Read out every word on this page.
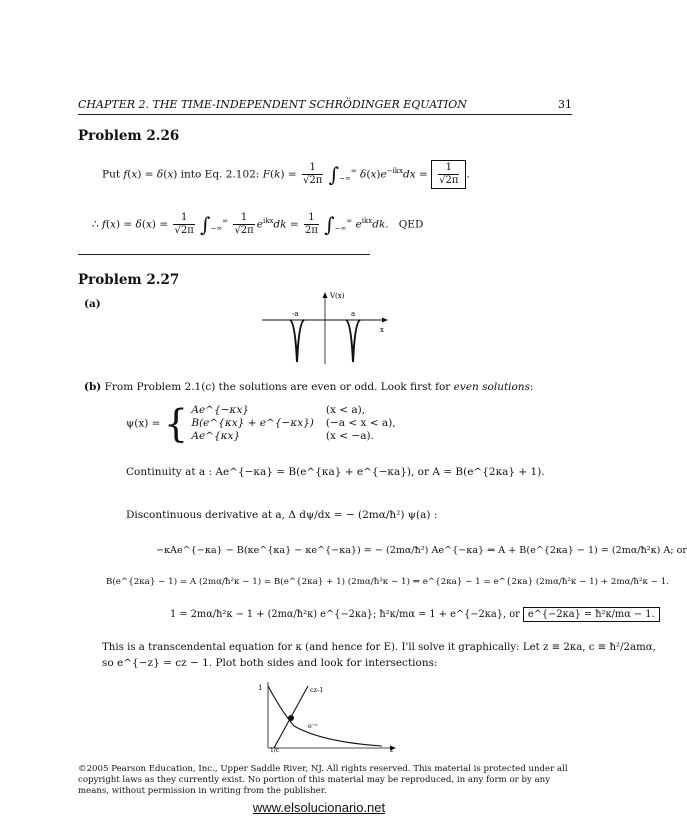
CHAPTER 2. THE TIME-INDEPENDENT SCHRÖDINGER EQUATION	31
Problem 2.26
Put f(x) = δ(x) into Eq. 2.102: $F(k) = \frac{1}{√2\pi} \int_{-\infty}^\infty$ $\delta(x)e^{-ikx}dx = \frac{1}{√2\pi}$ .
∴ $f(x) = \delta(x) = \frac{1}{√2\pi} \int_{-\infty}^\infty \frac{1}{√2\pi} e^{ikx}dk = \frac{1}{2\pi} \int_{-\infty}^\infty$ $e^{ikx}dk$.   QED
Problem 2.27
(a)
V(x)
x
-a	a
(b) From Problem 2.1(c) the solutions are even or odd. Look first for even solutions:
ψ(x) = { Ae^{−κx}	(x < a),
B(e^{κx} + e^{−κx})	(−a < x < a),
Ae^{κx}	(x < −a).
Continuity at a : Ae^{−κa} = B(e^{κa} + e^{−κa}), or A = B(e^{2κa} + 1).
Discontinuous derivative at a, Δ dψ/dx = − (2mα/ħ²) ψ(a) :
−κAe^{−κa} − B(κe^{κa} − κe^{−κa}) = − (2mα/ħ²) Ae^{−κa} ⇒ A + B(e^{2κa} − 1) = (2mα/ħ²κ) A; or
B(e^{2κa} − 1) = A (2mα/ħ²κ − 1) = B(e^{2κa} + 1) (2mα/ħ²κ − 1) ⇒ e^{2κa} − 1 = e^{2κa} (2mα/ħ²κ − 1) + 2mα/ħ²κ − 1.
1 = 2mα/ħ²κ − 1 + (2mα/ħ²κ) e^{−2κa}; ħ²κ/mα = 1 + e^{−2κa}, or e^{−2κa} = ħ²κ/mα − 1.
This is a transcendental equation for κ (and hence for E). I'll solve it graphically: Let z ≡ 2κa, c ≡ ħ²/2amα,
so e^{−z} = cz − 1. Plot both sides and look for intersections:
1
1/c	z
cz-1
e⁻ᶻ
©2005 Pearson Education, Inc., Upper Saddle River, NJ. All rights reserved. This material is protected under all copyright laws as they currently exist. No portion of this material may be reproduced, in any form or by any means, without permission in writing from the publisher.
www.elsolucionario.net
